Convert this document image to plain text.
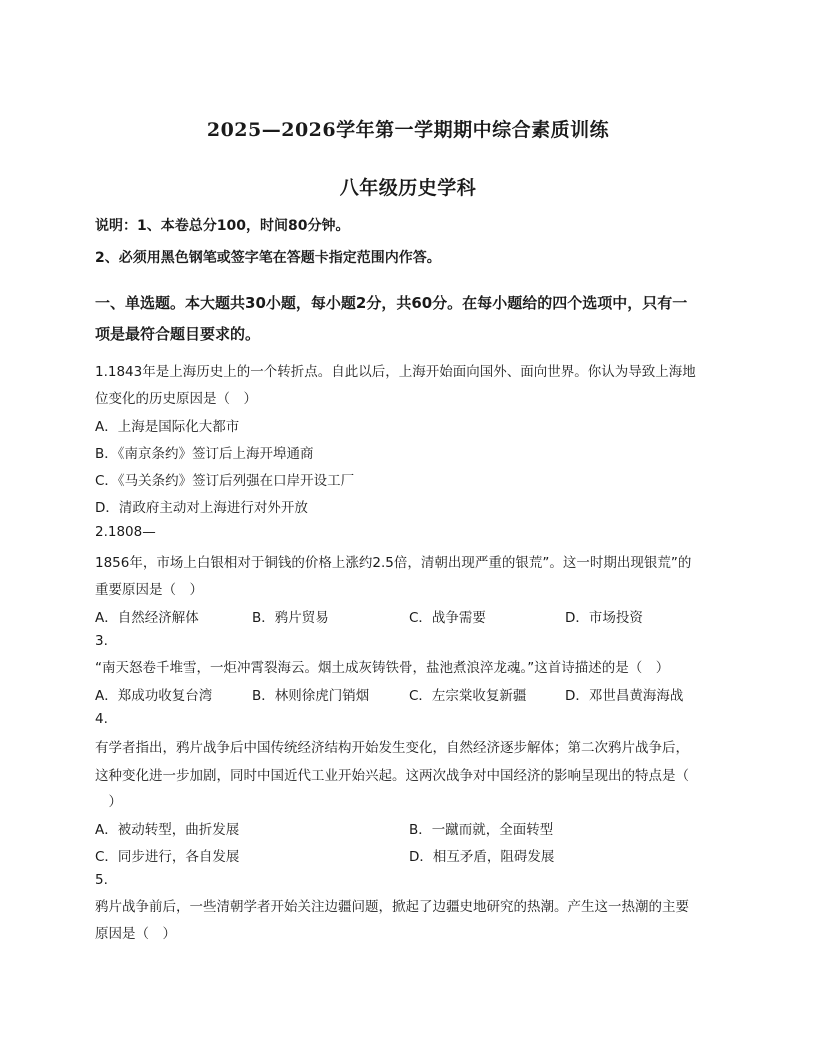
2025—2026学年第一学期期中综合素质训练
八年级历史学科
说明：1、本卷总分100，时间80分钟。
2、必须用黑色钢笔或签字笔在答题卡指定范围内作答。
一、单选题。本大题共30小题，每小题2分，共60分。在每小题给的四个选项中，只有一
项是最符合题目要求的。
1.1843年是上海历史上的一个转折点。自此以后，上海开始面向国外、面向世界。你认为导致上海地
位变化的历史原因是（　）
A．上海是国际化大都市
B．《南京条约》签订后上海开埠通商
C．《马关条约》签订后列强在口岸开设工厂
D．清政府主动对上海进行对外开放
2.1808—
1856年，市场上白银相对于铜钱的价格上涨约2.5倍，清朝出现严重的银荒”。这一时期出现银荒”的
重要原因是（　）
A．自然经济解体	B．鸦片贸易	C．战争需要	D．市场投资
3.
“南天怒卷千堆雪，一炬冲霄裂海云。烟土成灰铸铁骨，盐池煮浪淬龙魂。”这首诗描述的是（　）
A．郑成功收复台湾	B．林则徐虎门销烟	C．左宗棠收复新疆	D．邓世昌黄海海战
4.
有学者指出，鸦片战争后中国传统经济结构开始发生变化，自然经济逐步解体；第二次鸦片战争后，
这种变化进一步加剧，同时中国近代工业开始兴起。这两次战争对中国经济的影响呈现出的特点是（
　）
A．被动转型，曲折发展	B．一蹴而就，全面转型
C．同步进行，各自发展	D．相互矛盾，阻碍发展
5.
鸦片战争前后，一些清朝学者开始关注边疆问题，掀起了边疆史地研究的热潮。产生这一热潮的主要
原因是（　）
